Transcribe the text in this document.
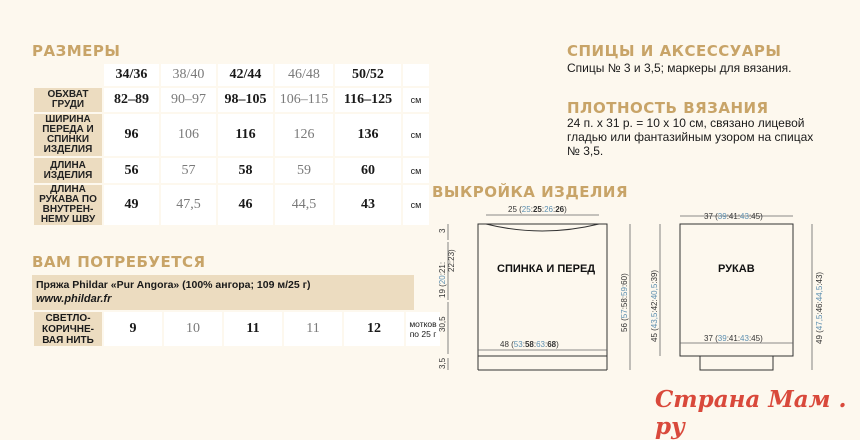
РАЗМЕРЫ
	34/36	38/40	42/44	46/48	50/52	
ОБХВАТ ГРУДИ	82–89	90–97	98–105	106–115	116–125	см
ШИРИНА ПЕРЕДА И СПИНКИ ИЗДЕЛИЯ	96	106	116	126	136	см
ДЛИНА ИЗДЕЛИЯ	56	57	58	59	60	см
ДЛИНА РУКАВА ПО ВНУТРЕН-НЕМУ ШВУ	49	47,5	46	44,5	43	см
ВАМ ПОТРЕБУЕТСЯ
Пряжа Phildar «Pur Angora» (100% ангора; 109 м/25 г)
www.phildar.fr
СВЕТЛО-КОРИЧНЕ-ВАЯ НИТЬ	9	10	11	11	12	мотков по 25 г
СПИЦЫ И АКСЕССУАРЫ
Спицы № 3 и 3,5; маркеры для вязания.
ПЛОТНОСТЬ ВЯЗАНИЯ
24 п. х 31 р. = 10 х 10 см, связано лицевой гладью или фантазийным узором на спицах № 3,5.
ВЫКРОЙКА ИЗДЕЛИЯ
25 (25:25:26:26)
48 (53:58:63:68)
3
19 (20:21: 22:23)
30,5
3,5
56 (57:58:59:60)
37 (39:41:43:45)
37 (39:41:43:45)
45 (43,5:42:40,5:39)
49 (47,5:46:44,5:43)
СПИНКА И ПЕРЕД	РУКАВ
Страна Мам . ру
